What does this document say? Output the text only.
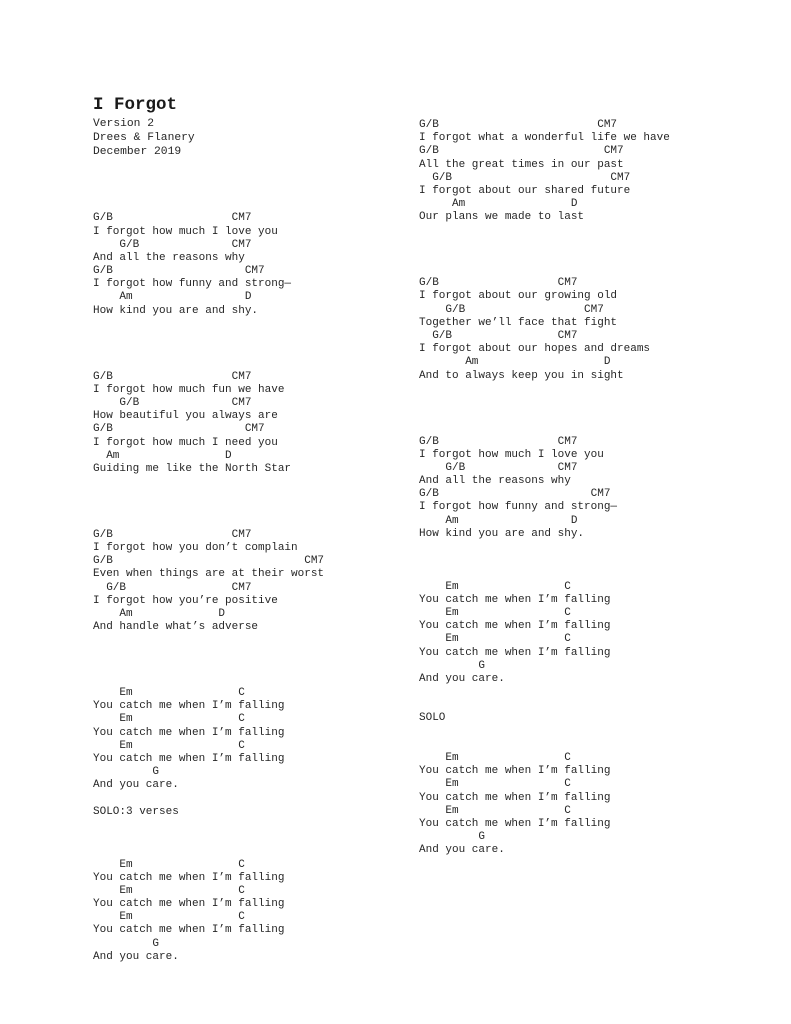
I Forgot
Version 2
Drees & Flanery
December 2019
G/B                  CM7
I forgot how much I love you
G/B              CM7
And all the reasons why
G/B                    CM7
I forgot how funny and strong—
Am                 D
How kind you are and shy.
G/B                  CM7
I forgot how much fun we have
G/B              CM7
How beautiful you always are
G/B                    CM7
I forgot how much I need you
Am                D
Guiding me like the North Star
G/B                  CM7
I forgot how you don’t complain
G/B                             CM7
Even when things are at their worst
G/B                CM7
I forgot how you’re positive
Am             D
And handle what’s adverse
Em                C
You catch me when I’m falling
Em                C
You catch me when I’m falling
Em                C
You catch me when I’m falling
G
And you care.
SOLO:3 verses
Em                C
You catch me when I’m falling
Em                C
You catch me when I’m falling
Em                C
You catch me when I’m falling
G
And you care.
G/B                        CM7
I forgot what a wonderful life we have
G/B                         CM7
All the great times in our past
G/B                        CM7
I forgot about our shared future
Am                D
Our plans we made to last
G/B                  CM7
I forgot about our growing old
G/B                  CM7
Together we’ll face that fight
G/B                CM7
I forgot about our hopes and dreams
Am                   D
And to always keep you in sight
G/B                  CM7
I forgot how much I love you
G/B              CM7
And all the reasons why
G/B                       CM7
I forgot how funny and strong—
Am                 D
How kind you are and shy.
Em                C
You catch me when I’m falling
Em                C
You catch me when I’m falling
Em                C
You catch me when I’m falling
G
And you care.
SOLO
Em                C
You catch me when I’m falling
Em                C
You catch me when I’m falling
Em                C
You catch me when I’m falling
G
And you care.
